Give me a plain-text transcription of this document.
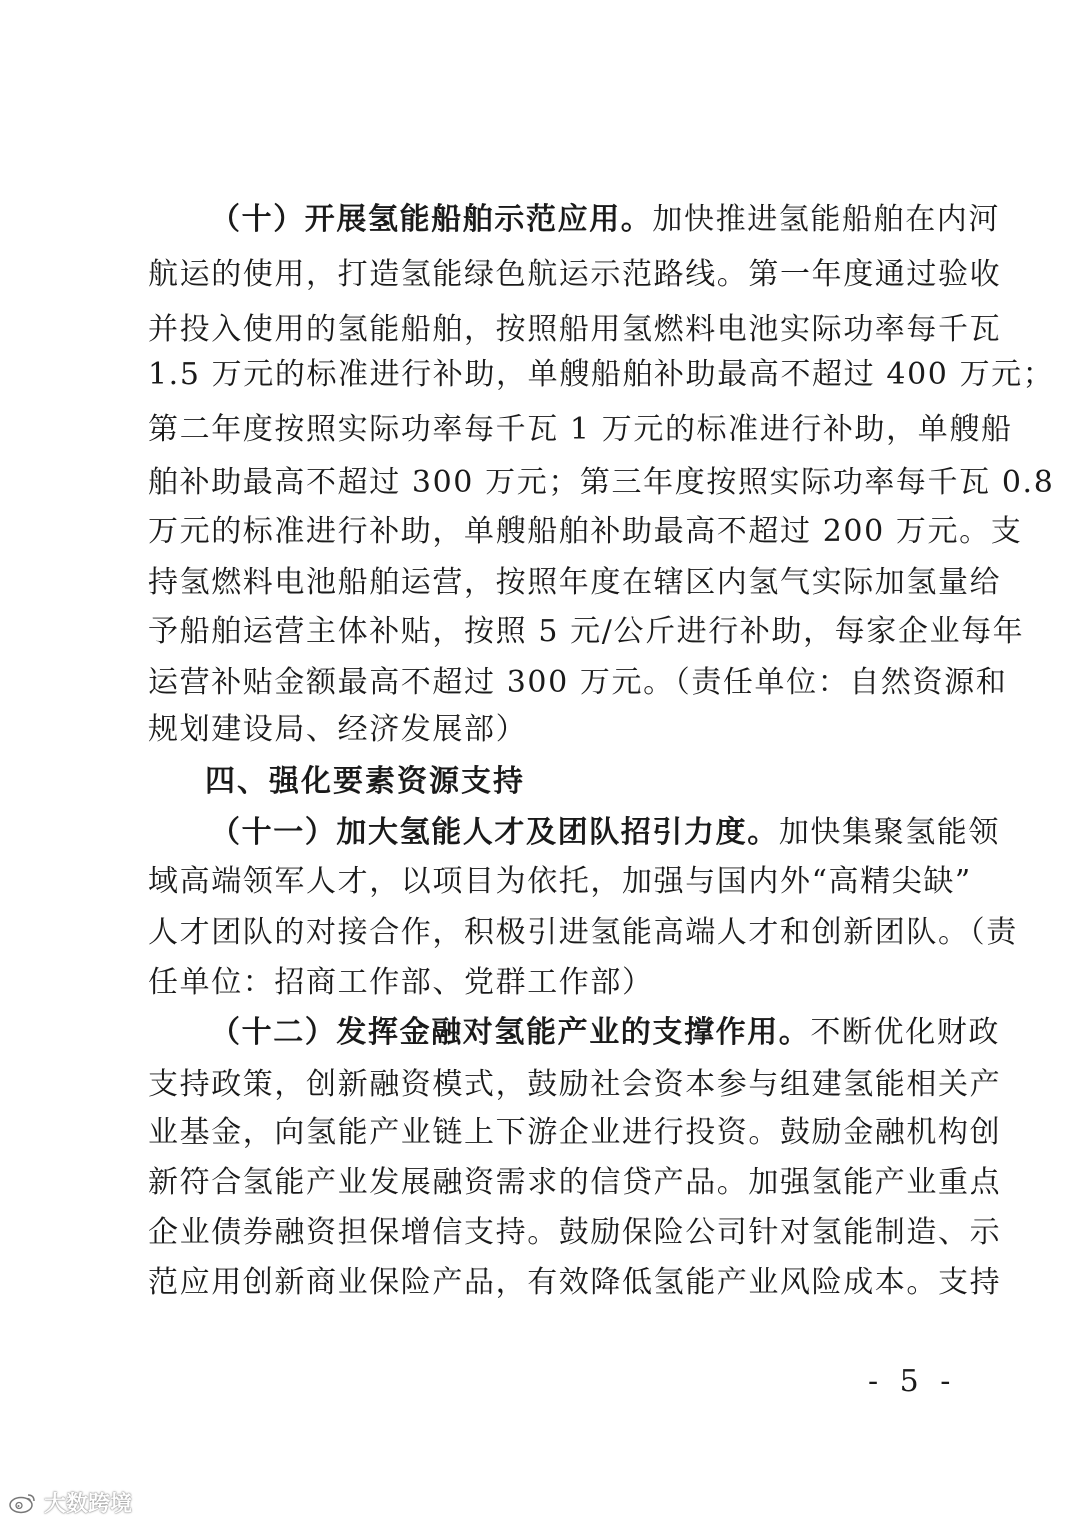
（十）开展氢能船舶示范应用。加快推进氢能船舶在内河
航运的使用，打造氢能绿色航运示范路线。第一年度通过验收
并投入使用的氢能船舶，按照船用氢燃料电池实际功率每千瓦
1.5 万元的标准进行补助，单艘船舶补助最高不超过 400 万元；
第二年度按照实际功率每千瓦 1 万元的标准进行补助，单艘船
舶补助最高不超过 300 万元；第三年度按照实际功率每千瓦 0.8
万元的标准进行补助，单艘船舶补助最高不超过 200 万元。支
持氢燃料电池船舶运营，按照年度在辖区内氢气实际加氢量给
予船舶运营主体补贴，按照 5 元/公斤进行补助，每家企业每年
运营补贴金额最高不超过 300 万元。（责任单位：自然资源和
规划建设局、经济发展部）
四、强化要素资源支持
（十一）加大氢能人才及团队招引力度。加快集聚氢能领
域高端领军人才，以项目为依托，加强与国内外“高精尖缺”
人才团队的对接合作，积极引进氢能高端人才和创新团队。（责
任单位：招商工作部、党群工作部）
（十二）发挥金融对氢能产业的支撑作用。不断优化财政
支持政策，创新融资模式，鼓励社会资本参与组建氢能相关产
业基金，向氢能产业链上下游企业进行投资。鼓励金融机构创
新符合氢能产业发展融资需求的信贷产品。加强氢能产业重点
企业债券融资担保增信支持。鼓励保险公司针对氢能制造、示
范应用创新商业保险产品，有效降低氢能产业风险成本。支持
- 5 -
大数跨境
